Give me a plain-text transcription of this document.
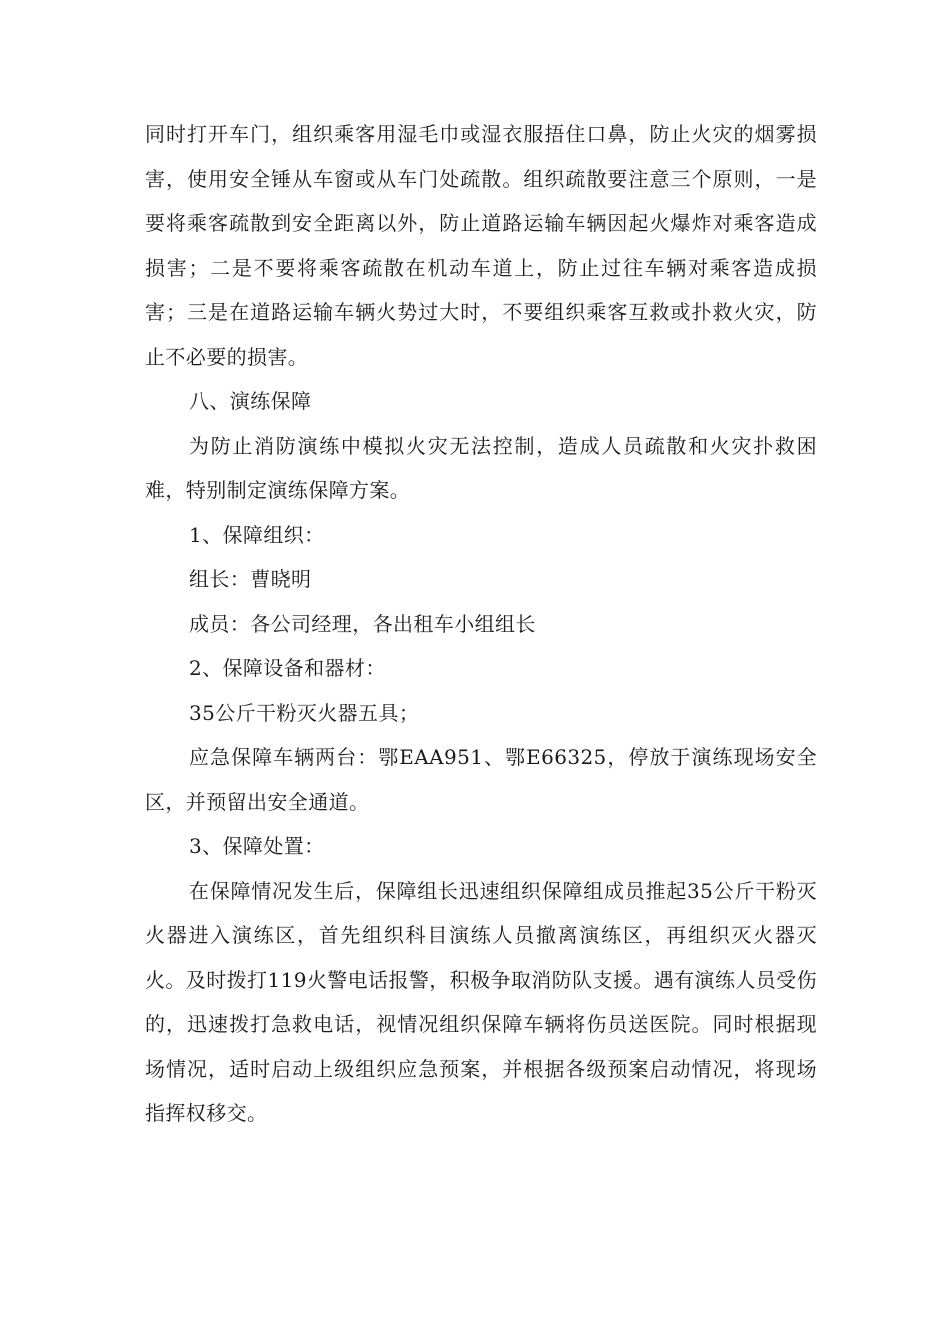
同时打开车门，组织乘客用湿毛巾或湿衣服捂住口鼻，防止火灾的烟雾损害，使用安全锤从车窗或从车门处疏散。组织疏散要注意三个原则，一是要将乘客疏散到安全距离以外，防止道路运输车辆因起火爆炸对乘客造成损害；二是不要将乘客疏散在机动车道上，防止过往车辆对乘客造成损害；三是在道路运输车辆火势过大时，不要组织乘客互救或扑救火灾，防止不必要的损害。

八、演练保障

为防止消防演练中模拟火灾无法控制，造成人员疏散和火灾扑救困难，特别制定演练保障方案。

1、保障组织：

组长：曹晓明

成员：各公司经理，各出租车小组组长

2、保障设备和器材：

35公斤干粉灭火器五具；

应急保障车辆两台：鄂EAA951、鄂E66325，停放于演练现场安全区，并预留出安全通道。

3、保障处置：

在保障情况发生后，保障组长迅速组织保障组成员推起35公斤干粉灭火器进入演练区，首先组织科目演练人员撤离演练区，再组织灭火器灭火。及时拨打119火警电话报警，积极争取消防队支援。遇有演练人员受伤的，迅速拨打急救电话，视情况组织保障车辆将伤员送医院。同时根据现场情况，适时启动上级组织应急预案，并根据各级预案启动情况，将现场指挥权移交。
